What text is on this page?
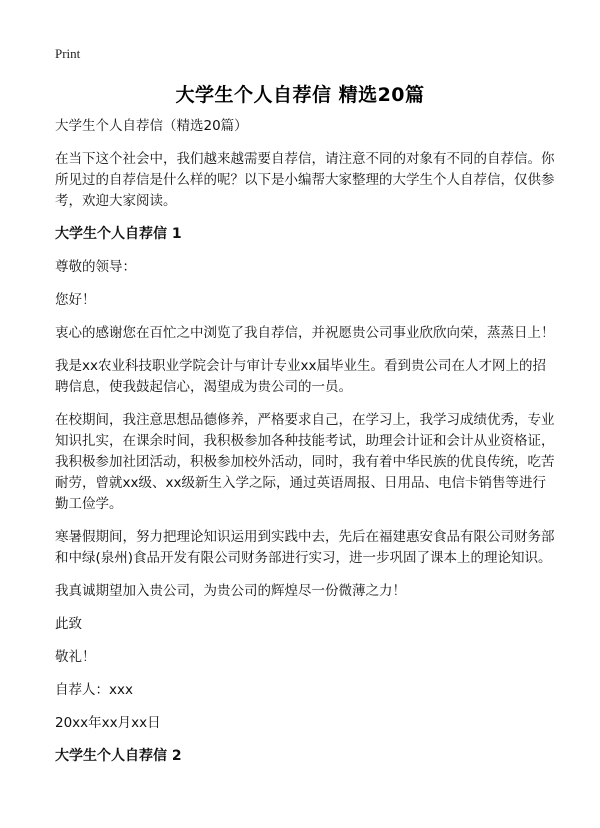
Print
大学生个人自荐信 精选20篇

大学生个人自荐信（精选20篇）

在当下这个社会中，我们越来越需要自荐信，请注意不同的对象有不同的自荐信。你所见过的自荐信是什么样的呢？以下是小编帮大家整理的大学生个人自荐信，仅供参考，欢迎大家阅读。

大学生个人自荐信 1

尊敬的领导：

您好！

衷心的感谢您在百忙之中浏览了我自荐信，并祝愿贵公司事业欣欣向荣，蒸蒸日上！

我是xx农业科技职业学院会计与审计专业xx届毕业生。看到贵公司在人才网上的招聘信息，使我鼓起信心，渴望成为贵公司的一员。

在校期间，我注意思想品德修养，严格要求自己，在学习上，我学习成绩优秀，专业知识扎实，在课余时间，我积极参加各种技能考试，助理会计证和会计从业资格证，我积极参加社团活动，积极参加校外活动，同时，我有着中华民族的优良传统，吃苦耐劳，曾就xx级、xx级新生入学之际，通过英语周报、日用品、电信卡销售等进行勤工俭学。

寒暑假期间，努力把理论知识运用到实践中去，先后在福建惠安食品有限公司财务部和中绿(泉州)食品开发有限公司财务部进行实习，进一步巩固了课本上的理论知识。

我真诚期望加入贵公司，为贵公司的辉煌尽一份微薄之力！

此致

敬礼！

自荐人：xxx

20xx年xx月xx日

大学生个人自荐信 2
